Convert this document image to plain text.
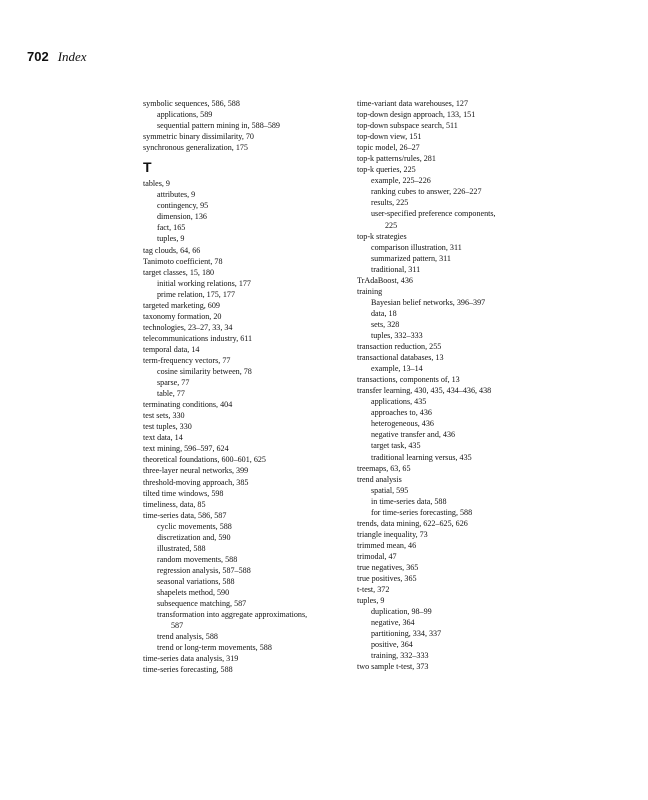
702 Index
symbolic sequences, 586, 588
applications, 589
sequential pattern mining in, 588–589
symmetric binary dissimilarity, 70
synchronous generalization, 175
T
tables, 9
attributes, 9
contingency, 95
dimension, 136
fact, 165
tuples, 9
tag clouds, 64, 66
Tanimoto coefficient, 78
target classes, 15, 180
initial working relations, 177
prime relation, 175, 177
targeted marketing, 609
taxonomy formation, 20
technologies, 23–27, 33, 34
telecommunications industry, 611
temporal data, 14
term-frequency vectors, 77
cosine similarity between, 78
sparse, 77
table, 77
terminating conditions, 404
test sets, 330
test tuples, 330
text data, 14
text mining, 596–597, 624
theoretical foundations, 600–601, 625
three-layer neural networks, 399
threshold-moving approach, 385
tilted time windows, 598
timeliness, data, 85
time-series data, 586, 587
cyclic movements, 588
discretization and, 590
illustrated, 588
random movements, 588
regression analysis, 587–588
seasonal variations, 588
shapelets method, 590
subsequence matching, 587
transformation into aggregate approximations,
587
trend analysis, 588
trend or long-term movements, 588
time-series data analysis, 319
time-series forecasting, 588
time-variant data warehouses, 127
top-down design approach, 133, 151
top-down subspace search, 511
top-down view, 151
topic model, 26–27
top-k patterns/rules, 281
top-k queries, 225
example, 225–226
ranking cubes to answer, 226–227
results, 225
user-specified preference components,
225
top-k strategies
comparison illustration, 311
summarized pattern, 311
traditional, 311
TrAdaBoost, 436
training
Bayesian belief networks, 396–397
data, 18
sets, 328
tuples, 332–333
transaction reduction, 255
transactional databases, 13
example, 13–14
transactions, components of, 13
transfer learning, 430, 435, 434–436, 438
applications, 435
approaches to, 436
heterogeneous, 436
negative transfer and, 436
target task, 435
traditional learning versus, 435
treemaps, 63, 65
trend analysis
spatial, 595
in time-series data, 588
for time-series forecasting, 588
trends, data mining, 622–625, 626
triangle inequality, 73
trimmed mean, 46
trimodal, 47
true negatives, 365
true positives, 365
t-test, 372
tuples, 9
duplication, 98–99
negative, 364
partitioning, 334, 337
positive, 364
training, 332–333
two sample t-test, 373
